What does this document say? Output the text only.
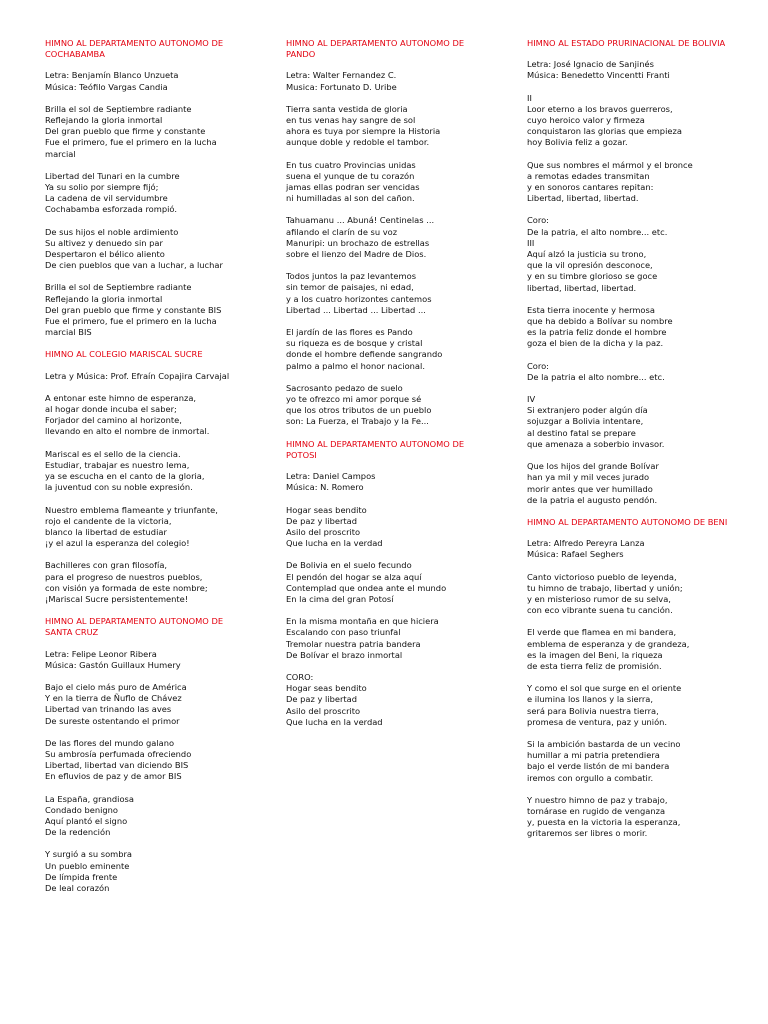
HIMNO AL DEPARTAMENTO AUTONOMO DE COCHABAMBA
Letra: Benjamín Blanco Unzueta
Música: Teófilo Vargas Candia
Brilla el sol de Septiembre radiante
Reflejando la gloria inmortal
Del gran pueblo que firme y constante
Fue el primero, fue el primero en la lucha marcial
Libertad del Tunari en la cumbre
Ya su solio por siempre fijó;
La cadena de vil servidumbre
Cochabamba esforzada rompió.
De sus hijos el noble ardimiento
Su altivez y denuedo sin par
Despertaron el bélico aliento
De cien pueblos que van a luchar, a luchar
Brilla el sol de Septiembre radiante
Reflejando la gloria inmortal
Del gran pueblo que firme y constante BIS
Fue el primero, fue el primero en la lucha marcial BIS
HIMNO AL COLEGIO MARISCAL SUCRE
Letra y Música: Prof. Efraín Copajira Carvajal
A entonar este himno de esperanza,
al hogar donde incuba el saber;
Forjador del camino al horizonte,
llevando en alto el nombre de inmortal.
Mariscal es el sello de la ciencia.
Estudiar, trabajar es nuestro lema,
ya se escucha en el canto de la gloria,
la juventud con su noble expresión.
Nuestro emblema flameante y triunfante,
rojo el candente de la victoria,
blanco la libertad de estudiar
¡y el azul la esperanza del colegio!
Bachilleres con gran filosofía,
para el progreso de nuestros pueblos,
con visión ya formada de este nombre;
¡Mariscal Sucre persistentemente!
HIMNO AL DEPARTAMENTO AUTONOMO DE SANTA CRUZ
Letra: Felipe Leonor Ribera
Música: Gastón Guillaux Humery
Bajo el cielo más puro de América
Y en la tierra de Ñuflo de Chávez
Libertad van trinando las aves
De sureste ostentando el primor
De las flores del mundo galano
Su ambrosía perfumada ofreciendo
Libertad, libertad van diciendo BIS
En efluvios de paz y de amor BIS
La España, grandiosa
Condado benigno
Aquí plantó el signo
De la redención
Y surgió a su sombra
Un pueblo eminente
De límpida frente
De leal corazón
HIMNO AL DEPARTAMENTO AUTONOMO DE PANDO
Letra: Walter Fernandez C.
Musica: Fortunato D. Uribe
Tierra santa vestida de gloria
en tus venas hay sangre de sol
ahora es tuya por siempre la Historia
aunque doble y redoble el tambor.
En tus cuatro Provincias unidas
suena el yunque de tu corazón
jamas ellas podran ser vencidas
ni humilladas al son del cañon.
Tahuamanu ... Abuná! Centinelas ...
afilando el clarín de su voz
Manuripi: un brochazo de estrellas
sobre el lienzo del Madre de Dios.
Todos juntos la paz levantemos
sin temor de paisajes, ni edad,
y a los cuatro horizontes cantemos
Libertad ... Libertad ... Libertad ...
El jardín de las flores es Pando
su riqueza es de bosque y cristal
donde el hombre defiende sangrando
palmo a palmo el honor nacional.
Sacrosanto pedazo de suelo
yo te ofrezco mi amor porque sé
que los otros tributos de un pueblo
son: La Fuerza, el Trabajo y la Fe...
HIMNO AL DEPARTAMENTO AUTONOMO DE POTOSI
Letra: Daniel Campos
Música: N. Romero
Hogar seas bendito
De paz y libertad
Asilo del proscrito
Que lucha en la verdad
De Bolivia en el suelo fecundo
El pendón del hogar se alza aquí
Contemplad que ondea ante el mundo
En la cima del gran Potosí
En la misma montaña en que hiciera
Escalando con paso triunfal
Tremolar nuestra patria bandera
De Bolívar el brazo inmortal
CORO:
Hogar seas bendito
De paz y libertad
Asilo del proscrito
Que lucha en la verdad
HIMNO AL ESTADO PRURINACIONAL DE BOLIVIA
Letra: José Ignacio de Sanjinés
Música: Benedetto Vincentti Franti
II
Loor eterno a los bravos guerreros,
cuyo heroico valor y firmeza
conquistaron las glorias que empieza
hoy Bolivia feliz a gozar.
Que sus nombres el mármol y el bronce
a remotas edades transmitan
y en sonoros cantares repitan:
Libertad, libertad, libertad.
Coro:
De la patria, el alto nombre... etc.
III
Aquí alzó la justicia su trono,
que la vil opresión desconoce,
y en su timbre glorioso se goce
libertad, libertad, libertad.
Esta tierra inocente y hermosa
que ha debido a Bolívar su nombre
es la patria feliz donde el hombre
goza el bien de la dicha y la paz.
Coro:
De la patria el alto nombre... etc.
IV
Si extranjero poder algún día
sojuzgar a Bolivia intentare,
al destino fatal se prepare
que amenaza a soberbio invasor.
Que los hijos del grande Bolívar
han ya mil y mil veces jurado
morir antes que ver humillado
de la patria el augusto pendón.
HIMNO AL DEPARTAMENTO AUTONOMO DE BENI
Letra: Alfredo Pereyra Lanza
Música: Rafael Seghers
Canto victorioso pueblo de leyenda,
tu himno de trabajo, libertad y unión;
y en misterioso rumor de su selva,
con eco vibrante suena tu canción.
El verde que flamea en mi bandera,
emblema de esperanza y de grandeza,
es la imagen del Beni, la riqueza
de esta tierra feliz de promisión.
Y como el sol que surge en el oriente
e ilumina los llanos y la sierra,
será para Bolivia nuestra tierra,
promesa de ventura, paz y unión.
Si la ambición bastarda de un vecino
humillar a mi patria pretendiera
bajo el verde listón de mi bandera
iremos con orgullo a combatir.
Y nuestro himno de paz y trabajo,
tornárase en rugido de venganza
y, puesta en la victoria la esperanza,
gritaremos ser libres o morir.
